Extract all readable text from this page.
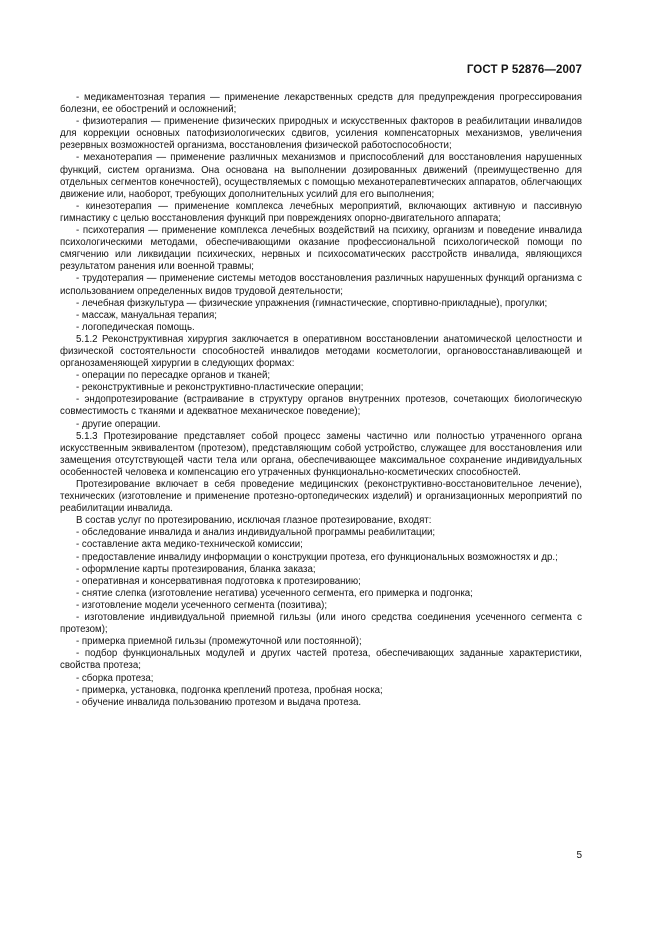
ГОСТ Р 52876—2007

- медикаментозная терапия — применение лекарственных средств для предупреждения прогрессирования болезни, ее обострений и осложнений;

- физиотерапия — применение физических природных и искусственных факторов в реабилитации инвалидов для коррекции основных патофизиологических сдвигов, усиления компенсаторных механизмов, увеличения резервных возможностей организма, восстановления физической работоспособности;

- механотерапия — применение различных механизмов и приспособлений для восстановления нарушенных функций, систем организма. Она основана на выполнении дозированных движений (преимущественно для отдельных сегментов конечностей), осуществляемых с помощью механотерапевтических аппаратов, облегчающих движение или, наоборот, требующих дополнительных усилий для его выполнения;

- кинезотерапия — применение комплекса лечебных мероприятий, включающих активную и пассивную гимнастику с целью восстановления функций при повреждениях опорно-двигательного аппарата;

- психотерапия — применение комплекса лечебных воздействий на психику, организм и поведение инвалида психологическими методами, обеспечивающими оказание профессиональной психологической помощи по смягчению или ликвидации психических, нервных и психосоматических расстройств инвалида, являющихся результатом ранения или военной травмы;

- трудотерапия — применение системы методов восстановления различных нарушенных функций организма с использованием определенных видов трудовой деятельности;

- лечебная физкультура — физические упражнения (гимнастические, спортивно-прикладные), прогулки;

- массаж, мануальная терапия;

- логопедическая помощь.

5.1.2 Реконструктивная хирургия заключается в оперативном восстановлении анатомической целостности и физической состоятельности способностей инвалидов методами косметологии, органовосстанавливающей и органозаменяющей хирургии в следующих формах:

- операции по пересадке органов и тканей;

- реконструктивные и реконструктивно-пластические операции;

- эндопротезирование (встраивание в структуру органов внутренних протезов, сочетающих биологическую совместимость с тканями и адекватное механическое поведение);

- другие операции.

5.1.3 Протезирование представляет собой процесс замены частично или полностью утраченного органа искусственным эквивалентом (протезом), представляющим собой устройство, служащее для восстановления или замещения отсутствующей части тела или органа, обеспечивающее максимальное сохранение индивидуальных особенностей человека и компенсацию его утраченных функционально-косметических способностей.

Протезирование включает в себя проведение медицинских (реконструктивно-восстановительное лечение), технических (изготовление и применение протезно-ортопедических изделий) и организационных мероприятий по реабилитации инвалида.

В состав услуг по протезированию, исключая глазное протезирование, входят:

- обследование инвалида и анализ индивидуальной программы реабилитации;

- составление акта медико-технической комиссии;

- предоставление инвалиду информации о конструкции протеза, его функциональных возможностях и др.;

- оформление карты протезирования, бланка заказа;

- оперативная и консервативная подготовка к протезированию;

- снятие слепка (изготовление негатива) усеченного сегмента, его примерка и подгонка;

- изготовление модели усеченного сегмента (позитива);

- изготовление индивидуальной приемной гильзы (или иного средства соединения усеченного сегмента с протезом);

- примерка приемной гильзы (промежуточной или постоянной);

- подбор функциональных модулей и других частей протеза, обеспечивающих заданные характеристики, свойства протеза;

- сборка протеза;

- примерка, установка, подгонка креплений протеза, пробная носка;

- обучение инвалида пользованию протезом и выдача протеза.

5
